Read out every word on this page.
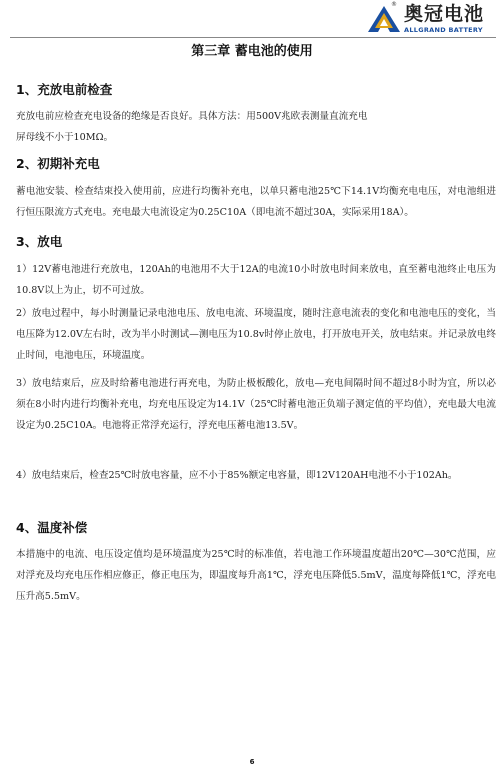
® 奥冠电池
ALLGRAND BATTERY
第三章 蓄电池的使用
1、充放电前检查
充放电前应检查充电设备的绝缘是否良好。具体方法：用500V兆欧表测量直流充电
屏母线不小于10MΩ。
2、初期补充电
蓄电池安装、检查结束投入使用前，应进行均衡补充电，以单只蓄电池25℃下14.1V均衡充电电压，对电池组进行恒压限流方式充电。充电最大电流设定为0.25C10A（即电流不超过30A，实际采用18A）。
3、放电
1）12V蓄电池进行充放电，120Ah的电池用不大于12A的电流10小时放电时间来放电，直至蓄电池终止电压为10.8V以上为止，切不可过放。
2）放电过程中，每小时测量记录电池电压、放电电流、环境温度，随时注意电流表的变化和电池电压的变化，当电压降为12.0V左右时，改为半小时测试—测电压为10.8v时停止放电，打开放电开关，放电结束。并记录放电终止时间，电池电压，环境温度。
3）放电结束后，应及时给蓄电池进行再充电，为防止极板酸化，放电—充电间隔时间不超过8小时为宜，所以必须在8小时内进行均衡补充电，均充电压设定为14.1V（25℃时蓄电池正负端子测定值的平均值），充电最大电流设定为0.25C10A。电池将正常浮充运行，浮充电压蓄电池13.5V。
4）放电结束后，检查25℃时放电容量，应不小于85%额定电容量，即12V120AH电池不小于102Ah。
4、温度补偿
本措施中的电流、电压设定值均是环境温度为25℃时的标准值，若电池工作环境温度超出20℃—30℃范围，应对浮充及均充电压作相应修正，修正电压为，即温度每升高1℃，浮充电压降低5.5mV，温度每降低1℃，浮充电压升高5.5mV。
6
